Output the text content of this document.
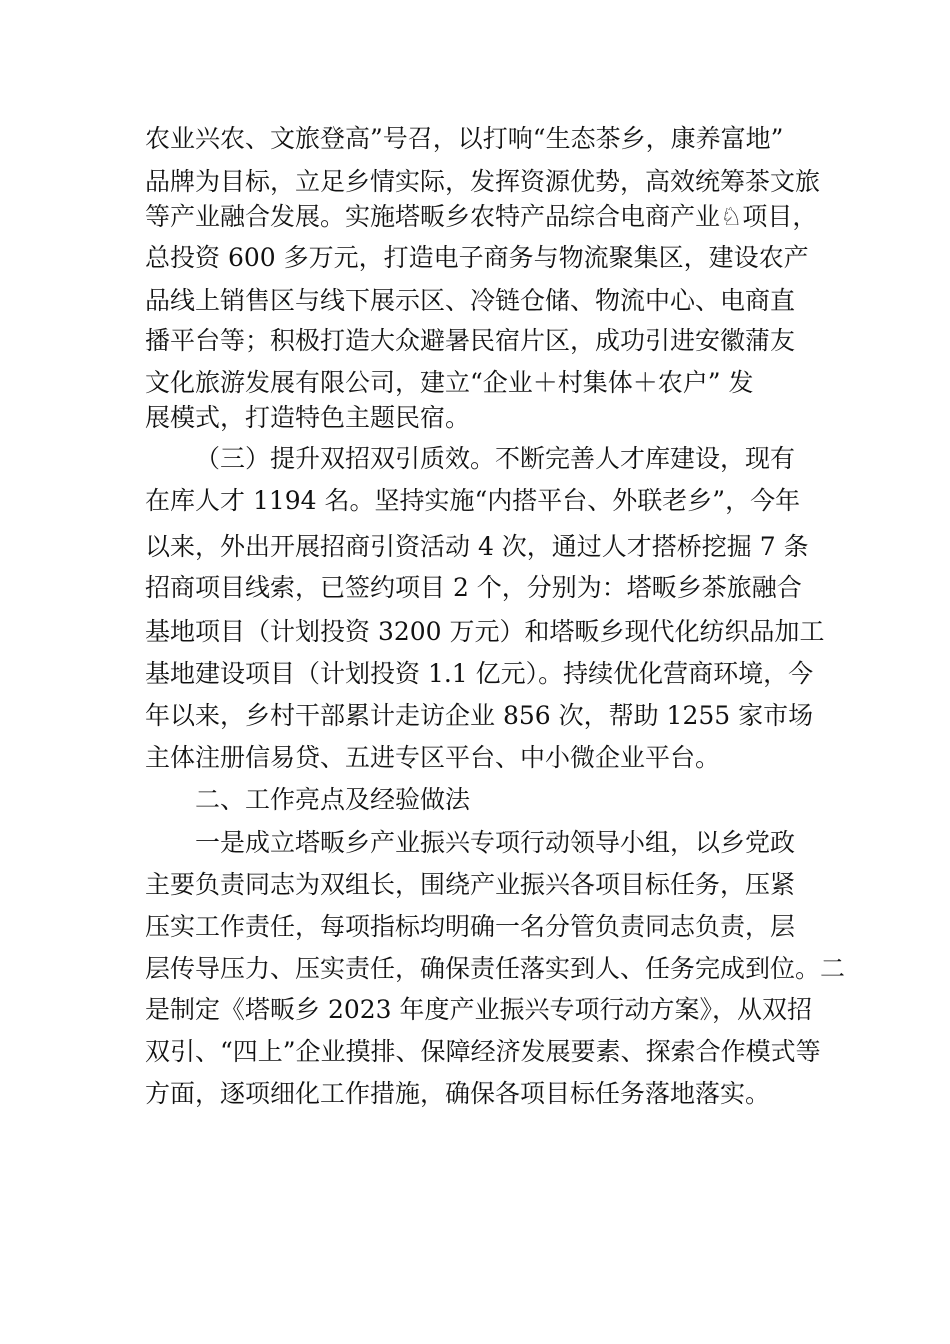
农业兴农、文旅登高”号召，以打响“生态茶乡，康养富地”
品牌为目标，立足乡情实际，发挥资源优势，高效统筹茶文旅
等产业融合发展。实施塔畈乡农特产品综合电商产业♘项目，
总投资 600 多万元，打造电子商务与物流聚集区，建设农产
品线上销售区与线下展示区、冷链仓储、物流中心、电商直
播平台等；积极打造大众避暑民宿片区，成功引进安徽蒲友
文化旅游发展有限公司，建立“企业＋村集体＋农户” 发
展模式，打造特色主题民宿。
（三）提升双招双引质效。不断完善人才库建设，现有
在库人才 1194 名。坚持实施“内搭平台、外联老乡”，今年
以来，外出开展招商引资活动 4 次，通过人才搭桥挖掘 7 条
招商项目线索，已签约项目 2 个，分别为：塔畈乡茶旅融合
基地项目（计划投资 3200 万元）和塔畈乡现代化纺织品加工
基地建设项目（计划投资 1.1 亿元）。持续优化营商环境，今
年以来，乡村干部累计走访企业 856 次，帮助 1255 家市场
主体注册信易贷、五进专区平台、中小微企业平台。
二、工作亮点及经验做法
一是成立塔畈乡产业振兴专项行动领导小组，以乡党政
主要负责同志为双组长，围绕产业振兴各项目标任务，压紧
压实工作责任，每项指标均明确一名分管负责同志负责，层
层传导压力、压实责任，确保责任落实到人、任务完成到位。二
是制定《塔畈乡 2023 年度产业振兴专项行动方案》，从双招
双引、“四上”企业摸排、保障经济发展要素、探索合作模式等
方面，逐项细化工作措施，确保各项目标任务落地落实。
